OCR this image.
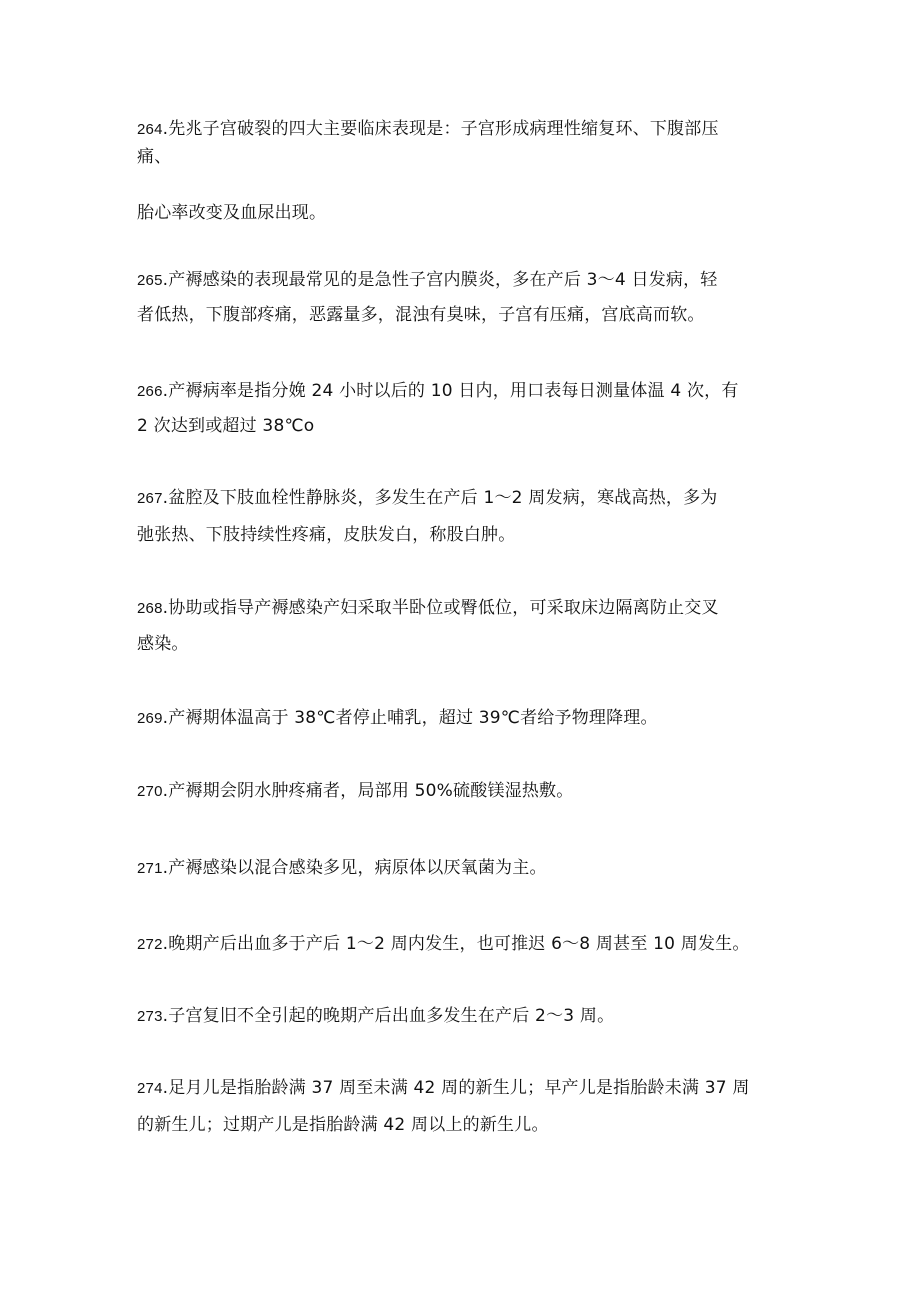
264.先兆子宫破裂的四大主要临床表现是：子宫形成病理性缩复环、下腹部压
痛、
胎心率改变及血尿出现。
265.产褥感染的表现最常见的是急性子宫内膜炎，多在产后 3～4 日发病，轻
者低热，下腹部疼痛，恶露量多，混浊有臭味，子宫有压痛，宫底高而软。
266.产褥病率是指分娩 24 小时以后的 10 日内，用口表每日测量体温 4 次，有
2 次达到或超过 38℃o
267.盆腔及下肢血栓性静脉炎，多发生在产后 1～2 周发病，寒战高热，多为
弛张热、下肢持续性疼痛，皮肤发白，称股白肿。
268.协助或指导产褥感染产妇采取半卧位或臀低位，可采取床边隔离防止交叉
感染。
269.产褥期体温高于 38℃者停止哺乳，超过 39℃者给予物理降理。
270.产褥期会阴水肿疼痛者，局部用 50%硫酸镁湿热敷。
271.产褥感染以混合感染多见，病原体以厌氧菌为主。
272.晚期产后出血多于产后 1～2 周内发生，也可推迟 6～8 周甚至 10 周发生。
273.子宫复旧不全引起的晚期产后出血多发生在产后 2～3 周。
274.足月儿是指胎龄满 37 周至未满 42 周的新生儿；早产儿是指胎龄未满 37 周
的新生儿；过期产儿是指胎龄满 42 周以上的新生儿。
